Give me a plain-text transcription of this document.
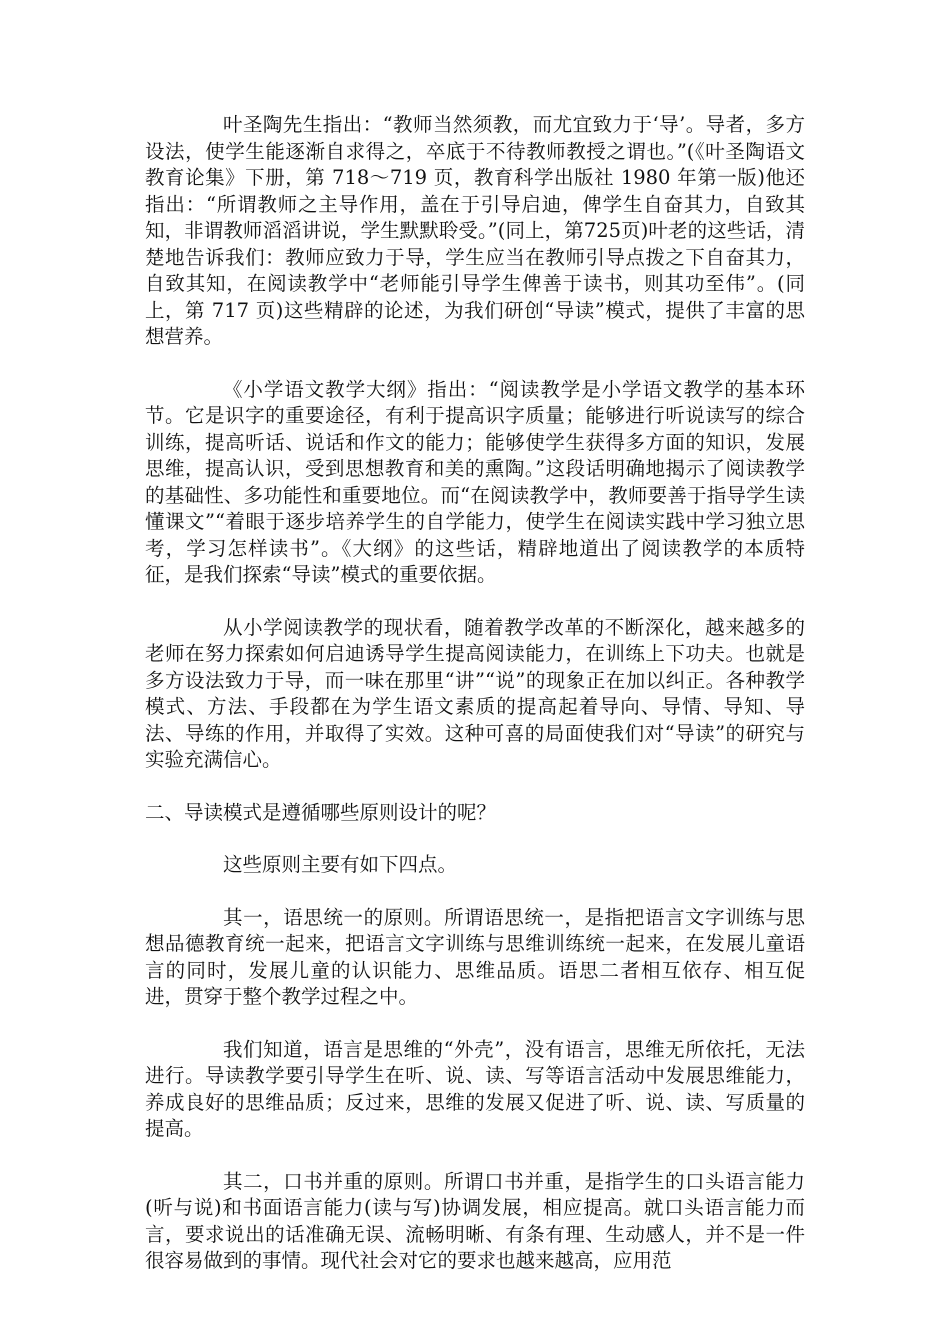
叶圣陶先生指出：“教师当然须教，而尤宜致力于‘导’。导者，多方设法，使学生能逐渐自求得之，卒底于不待教师教授之谓也。”(《叶圣陶语文教育论集》下册，第 718～719 页，教育科学出版社 1980 年第一版)他还指出：“所谓教师之主导作用，盖在于引导启迪，俾学生自奋其力，自致其知，非谓教师滔滔讲说，学生默默聆受。”(同上，第725页)叶老的这些话，清楚地告诉我们：教师应致力于导，学生应当在教师引导点拨之下自奋其力，自致其知，在阅读教学中“老师能引导学生俾善于读书，则其功至伟”。(同上，第 717 页)这些精辟的论述，为我们研创“导读”模式，提供了丰富的思想营养。

《小学语文教学大纲》指出：“阅读教学是小学语文教学的基本环节。它是识字的重要途径，有利于提高识字质量；能够进行听说读写的综合训练，提高听话、说话和作文的能力；能够使学生获得多方面的知识，发展思维，提高认识，受到思想教育和美的熏陶。”这段话明确地揭示了阅读教学的基础性、多功能性和重要地位。而“在阅读教学中，教师要善于指导学生读懂课文”“着眼于逐步培养学生的自学能力，使学生在阅读实践中学习独立思考，学习怎样读书”。《大纲》的这些话，精辟地道出了阅读教学的本质特征，是我们探索“导读”模式的重要依据。

从小学阅读教学的现状看，随着教学改革的不断深化，越来越多的老师在努力探索如何启迪诱导学生提高阅读能力，在训练上下功夫。也就是多方设法致力于导，而一味在那里“讲”“说”的现象正在加以纠正。各种教学模式、方法、手段都在为学生语文素质的提高起着导向、导情、导知、导法、导练的作用，并取得了实效。这种可喜的局面使我们对“导读”的研究与实验充满信心。

二、导读模式是遵循哪些原则设计的呢？

这些原则主要有如下四点。

其一，语思统一的原则。所谓语思统一，是指把语言文字训练与思想品德教育统一起来，把语言文字训练与思维训练统一起来，在发展儿童语言的同时，发展儿童的认识能力、思维品质。语思二者相互依存、相互促进，贯穿于整个教学过程之中。

我们知道，语言是思维的“外壳”，没有语言，思维无所依托，无法进行。导读教学要引导学生在听、说、读、写等语言活动中发展思维能力，养成良好的思维品质；反过来，思维的发展又促进了听、说、读、写质量的提高。

其二，口书并重的原则。所谓口书并重，是指学生的口头语言能力(听与说)和书面语言能力(读与写)协调发展，相应提高。就口头语言能力而言，要求说出的话准确无误、流畅明晰、有条有理、生动感人，并不是一件很容易做到的事情。现代社会对它的要求也越来越高，应用范
